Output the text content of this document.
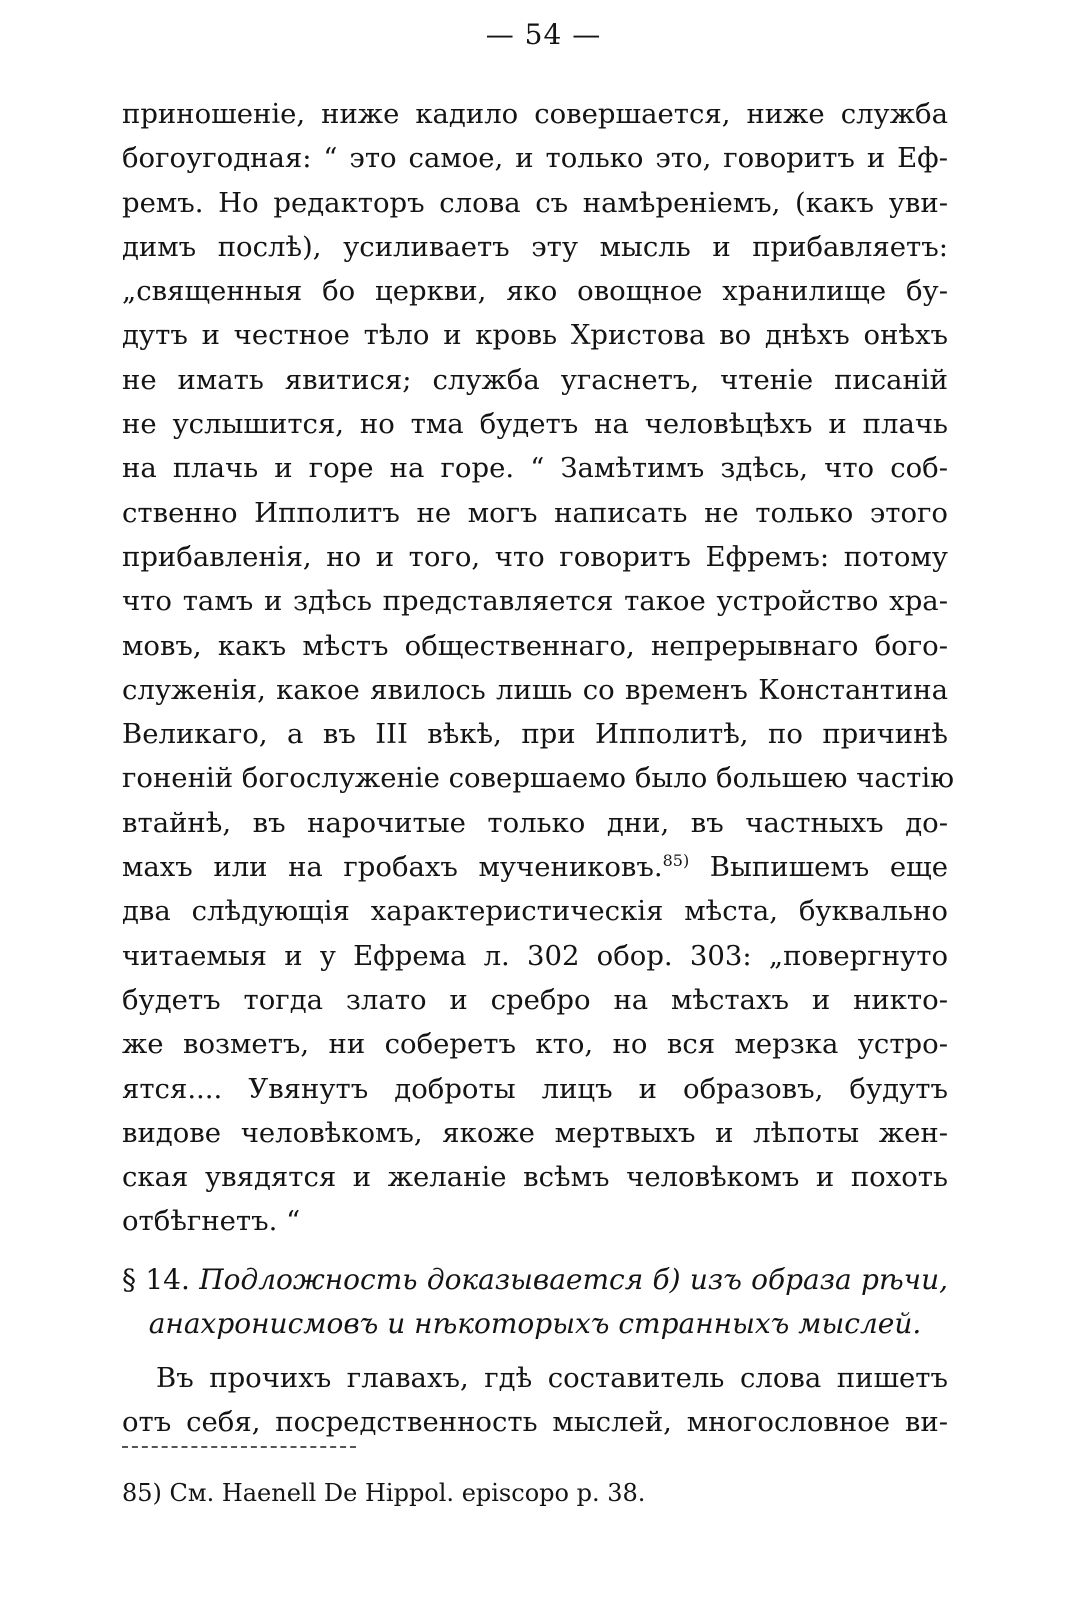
— 54 —
приношеніе, ниже кадило совершается, ниже служба
богоугодная: “ это самое, и только это, говоритъ и Еф-
ремъ. Но редакторъ слова съ намѣреніемъ, (какъ уви-
димъ послѣ), усиливаетъ эту мысль и прибавляетъ:
„священныя бо церкви, яко овощное хранилище бу-
дутъ и честное тѣло и кровь Христова во днѣхъ онѣхъ
не имать явитися; служба угаснетъ, чтеніе писаній
не услышится, но тма будетъ на человѣцѣхъ и плачь
на плачь и горе на горе. “ Замѣтимъ здѣсь, что соб-
ственно Ипполитъ не могъ написать не только этого
прибавленія, но и того, что говоритъ Ефремъ: потому
что тамъ и здѣсь представляется такое устройство хра-
мовъ, какъ мѣстъ общественнаго, непрерывнаго бого-
служенія, какое явилось лишь со временъ Константина
Великаго, а въ III вѣкѣ, при Ипполитѣ, по причинѣ
гоненій богослуженіе совершаемо было большею частію
втайнѣ, въ нарочитые только дни, въ частныхъ до-
махъ или на гробахъ мучениковъ.$^{85)}$ Выпишемъ еще
два слѣдующія характеристическія мѣста, буквально
читаемыя и у Ефрема л. 302 обор. 303: „повергнуто
будетъ тогда злато и сребро на мѣстахъ и никто-
же возметъ, ни соберетъ кто, но вся мерзка устро-
ятся.... Увянутъ доброты лицъ и образовъ, будутъ
видове человѣкомъ, якоже мертвыхъ и лѣпоты жен-
ская увядятся и желаніе всѣмъ человѣкомъ и похоть
отбѣгнетъ. “
§ 14. Подложность доказывается б) изъ образа рѣчи,
анахронисмовъ и нѣкоторыхъ странныхъ мыслей.
Въ прочихъ главахъ, гдѣ составитель слова пишетъ
отъ себя, посредственность мыслей, многословное ви-
85) См. Haenell De Hippol. episcopo p. 38.
